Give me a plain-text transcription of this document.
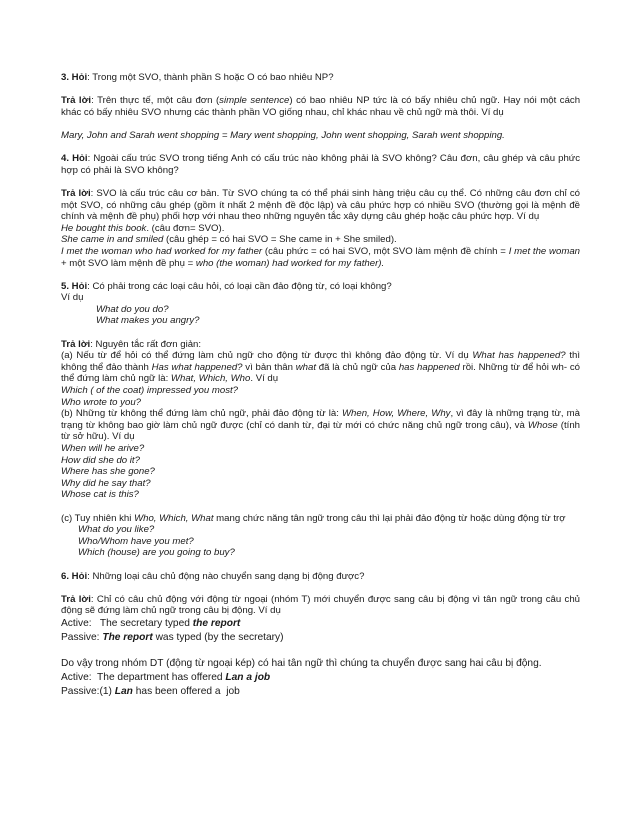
3. Hỏi: Trong một SVO, thành phần S hoặc O có bao nhiêu NP?

Trả lời: Trên thực tế, một câu đơn (simple sentence) có bao nhiêu NP tức là có bấy nhiêu chủ ngữ. Hay nói một cách khác có bấy nhiêu SVO nhưng các thành phần VO giống nhau, chỉ khác nhau về chủ ngữ mà thôi. Ví dụ

Mary, John and Sarah went shopping = Mary went shopping, John went shopping, Sarah went shopping.

4. Hỏi: Ngoài cấu trúc SVO trong tiếng Anh có cấu trúc nào không phải là SVO không? Câu đơn, câu ghép và câu phức hợp có phải là SVO không?

Trả lời: SVO là cấu trúc câu cơ bản. Từ SVO chúng ta có thể phái sinh hàng triệu câu cụ thể. Có những câu đơn chỉ có một SVO, có những câu ghép (gồm ít nhất 2 mệnh đề độc lập) và câu phức hợp có nhiều SVO (thường gọi là mệnh đề chính và mệnh đề phụ) phối hợp với nhau theo những nguyên tắc xây dựng câu ghép hoặc câu phức hợp. Ví dụ

He bought this book. (câu đơn= SVO).

She came in and smiled (câu ghép = có hai SVO = She came in + She smiled).

I met the woman who had worked for my father (câu phức = có hai SVO, một SVO làm mệnh đề chính = I met the woman + một SVO làm mệnh đề phụ = who (the woman) had worked for my father).

5. Hỏi: Có phải trong các loại câu hỏi, có loại cần đảo động từ, có loại không?

Ví dụ

What do you do?

What makes you angry?

Trả lời: Nguyên tắc rất đơn giản:

(a) Nếu từ để hỏi có thể đứng làm chủ ngữ cho động từ được thì không đảo động từ. Ví dụ What has happened? thì không thể đảo thành Has what happened? vì bản thân what đã là chủ ngữ của has happened rồi. Những từ để hỏi wh- có thể đứng làm chủ ngữ là: What, Which, Who. Ví dụ

Which ( of the coat) impressed you most?

Who wrote to you?

(b) Những từ không thể đứng làm chủ ngữ, phải đảo động từ là: When, How, Where, Why, vì đây là những trạng từ, mà trạng từ không bao giờ làm chủ ngữ được (chỉ có danh từ, đại từ mới có chức năng chủ ngữ trong câu), và Whose (tính từ sở hữu). Ví dụ

When will he arive?

How did she do it?

Where has she gone?

Why did he say that?

Whose cat is this?

(c) Tuy nhiên khi Who, Which, What mang chức năng tân ngữ trong câu thì lại phải đảo động từ hoặc dùng động từ trợ

What do you like?

Who/Whom have you met?

Which (house) are you going to buy?

6. Hỏi: Những loại câu chủ động nào chuyển sang dạng bị động được?

Trả lời: Chỉ có câu chủ động với động từ ngoại (nhóm T) mới chuyển được sang câu bị động vì tân ngữ trong câu chủ động sẽ đứng làm chủ ngữ trong câu bị động. Ví dụ

Active:   The secretary typed the report

Passive: The report was typed (by the secretary)

Do vậy trong nhóm DT (động từ ngoại kép) có hai tân ngữ thì chúng ta chuyển được sang hai câu bị động.

Active:  The department has offered Lan a job

Passive:(1) Lan has been offered a  job
